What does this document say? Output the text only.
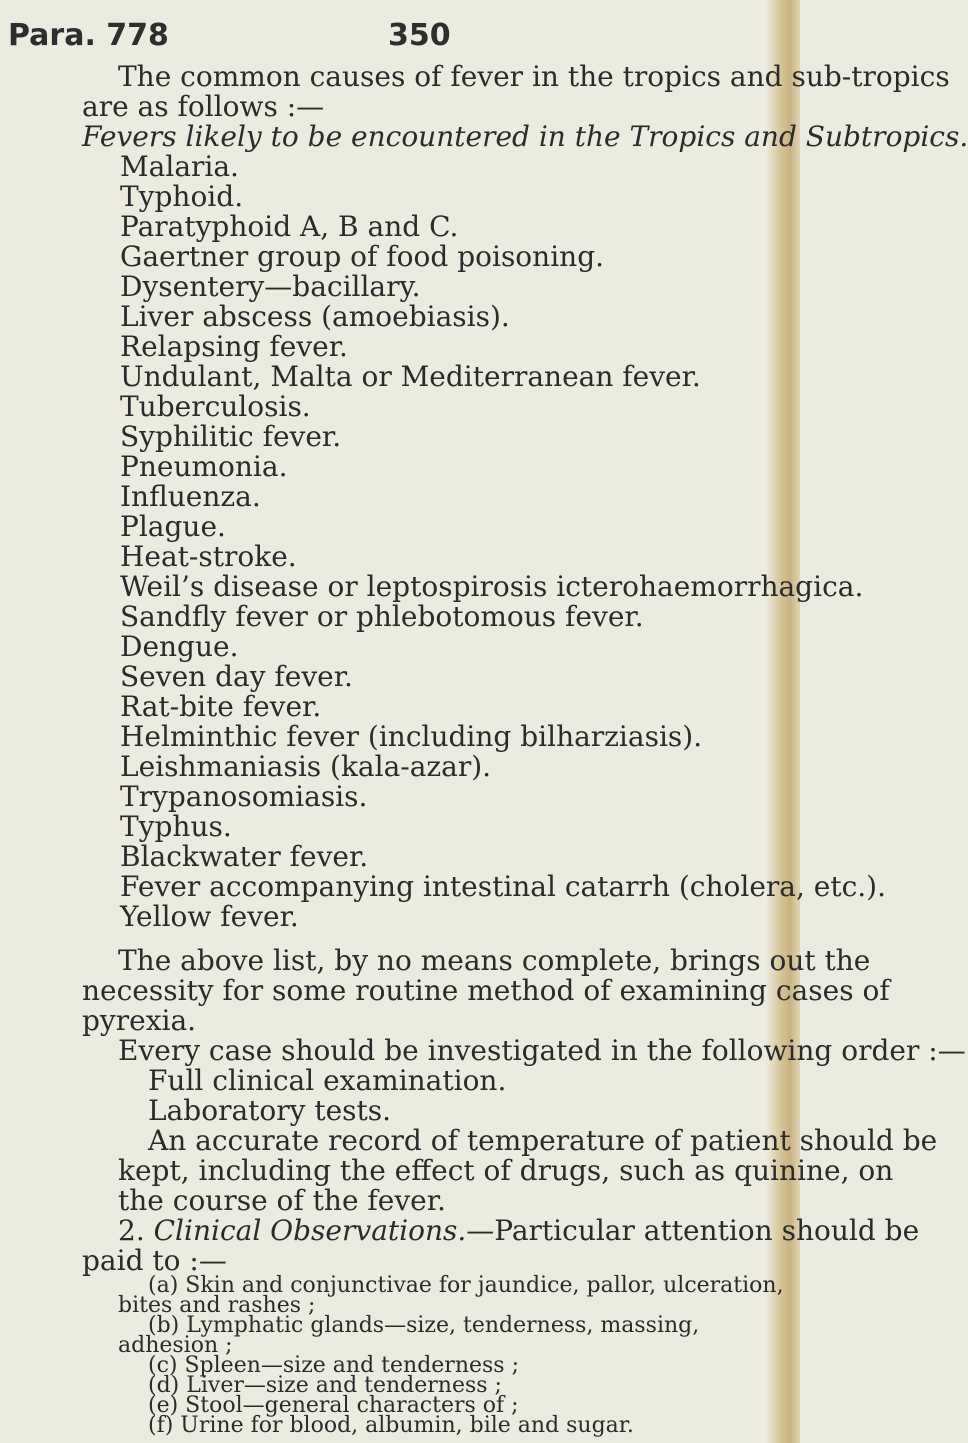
Para. 778	350
The common causes of fever in the tropics and sub-tropics
are as follows :—
Fevers likely to be encountered in the Tropics and Subtropics.
Malaria.
Typhoid.
Paratyphoid A, B and C.
Gaertner group of food poisoning.
Dysentery—bacillary.
Liver abscess (amoebiasis).
Relapsing fever.
Undulant, Malta or Mediterranean fever.
Tuberculosis.
Syphilitic fever.
Pneumonia.
Influenza.
Plague.
Heat-stroke.
Weil’s disease or leptospirosis icterohaemorrhagica.
Sandfly fever or phlebotomous fever.
Dengue.
Seven day fever.
Rat-bite fever.
Helminthic fever (including bilharziasis).
Leishmaniasis (kala-azar).
Trypanosomiasis.
Typhus.
Blackwater fever.
Fever accompanying intestinal catarrh (cholera, etc.).
Yellow fever.
The above list, by no means complete, brings out the
necessity for some routine method of examining cases of
pyrexia.
Every case should be investigated in the following order :—
Full clinical examination.
Laboratory tests.
An accurate record of temperature of patient should be
kept, including the effect of drugs, such as quinine, on
the course of the fever.
2. Clinical Observations.—Particular attention should be
paid to :—
(a) Skin and conjunctivae for jaundice, pallor, ulceration,
bites and rashes ;
(b) Lymphatic glands—size, tenderness, massing,
adhesion ;
(c) Spleen—size and tenderness ;
(d) Liver—size and tenderness ;
(e) Stool—general characters of ;
(f) Urine for blood, albumin, bile and sugar.
